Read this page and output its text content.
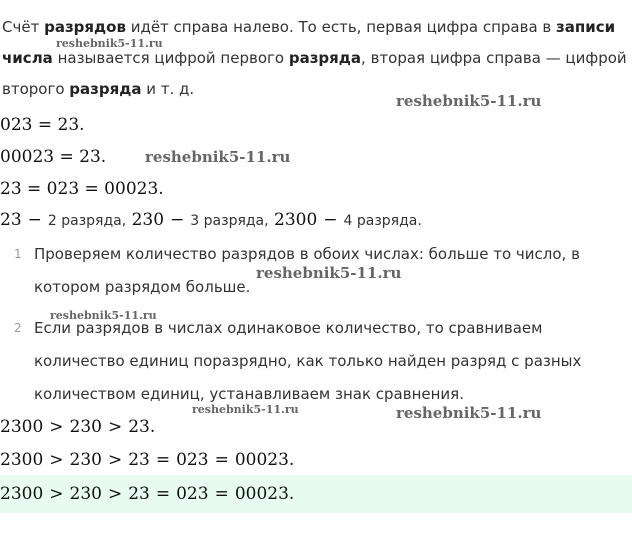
Счёт разрядов идёт справа налево. То есть, первая цифра справа в записи числа называется цифрой первого разряда, вторая цифра справа — цифрой второго разряда и т. д.

023 = 23.
00023 = 23.
23 = 023 = 00023.
23 − 2 разряда, 230 − 3 разряда, 2300 − 4 разряда.
1 Проверяем количество разрядов в обоих числах: больше то число, в котором разрядом больше.
2 Если разрядов в числах одинаковое количество, то сравниваем количество единиц поразрядно, как только найден разряд с разных количеством единиц, устанавливаем знак сравнения.
2300 > 230 > 23.
2300 > 230 > 23 = 023 = 00023.
2300 > 230 > 23 = 023 = 00023.
reshebnik5-11.ru
reshebnik5-11.ru
reshebnik5-11.ru
reshebnik5-11.ru
reshebnik5-11.ru
reshebnik5-11.ru	reshebnik5-11.ru
